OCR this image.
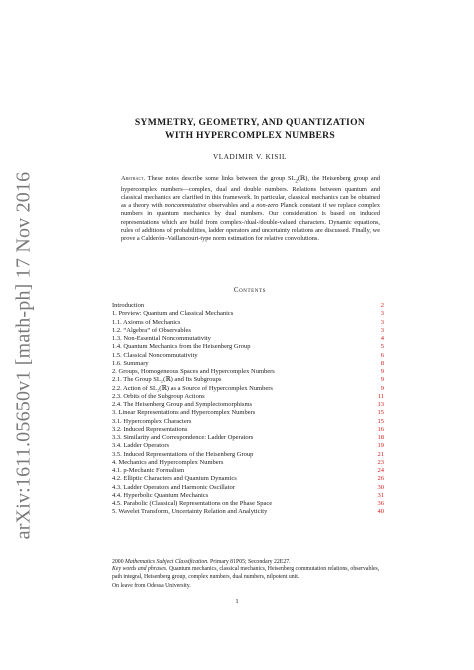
arXiv:1611.05650v1 [math-ph] 17 Nov 2016
SYMMETRY, GEOMETRY, AND QUANTIZATION
WITH HYPERCOMPLEX NUMBERS
VLADIMIR V. KISIL
Abstract. These notes describe some links between the group $SL_2(ℝ)$, the Heisenberg group and hypercomplex numbers—complex, dual and double numbers. Relations between quantum and classical mechanics are clarified in this framework. In particular, classical mechanics can be obtained as a theory with noncommutative observables and a non-zero Planck constant if we replace complex numbers in quantum mechanics by dual numbers. Our consideration is based on induced representations which are build from complex-/dual-/double-valued characters. Dynamic equations, rules of additions of probabilities, ladder operators and uncertainty relations are discussed. Finally, we prove a Calderón–Vaillancourt-type norm estimation for relative convolutions.
Contents
Introduction	2
1. Preview: Quantum and Classical Mechanics	3
1.1. Axioms of Mechanics	3
1.2. “Algebra” of Observables	3
1.3. Non-Essential Noncommutativity	4
1.4. Quantum Mechanics from the Heisenberg Group	5
1.5. Classical Noncommutativity	6
1.6. Summary	8
2. Groups, Homogeneous Spaces and Hypercomplex Numbers	9
2.1. The Group SL₂(ℝ) and Its Subgroups	9
2.2. Action of SL₂(ℝ) as a Source of Hypercomplex Numbers	9
2.3. Orbits of the Subgroup Actions	11
2.4. The Heisenberg Group and Symplectomorphisms	13
3. Linear Representations and Hypercomplex Numbers	15
3.1. Hypercomplex Characters	15
3.2. Induced Representations	16
3.3. Similarity and Correspondence: Ladder Operators	18
3.4. Ladder Operators	19
3.5. Induced Representations of the Heisenberg Group	21
4. Mechanics and Hypercomplex Numbers	23
4.1. p-Mechanic Formalism	24
4.2. Elliptic Characters and Quantum Dynamics	26
4.3. Ladder Operators and Harmonic Oscillator	30
4.4. Hyperbolic Quantum Mechanics	31
4.5. Parabolic (Classical) Representations on the Phase Space	36
5. Wavelet Transform, Uncertainty Relation and Analyticity	40

2000 Mathematics Subject Classification. Primary 81P05; Secondary 22E27.

Key words and phrases. Quantum mechanics, classical mechanics, Heisenberg commutation relations, observables, path integral, Heisenberg group, complex numbers, dual numbers, nilpotent unit.

On leave from Odessa University.

1
